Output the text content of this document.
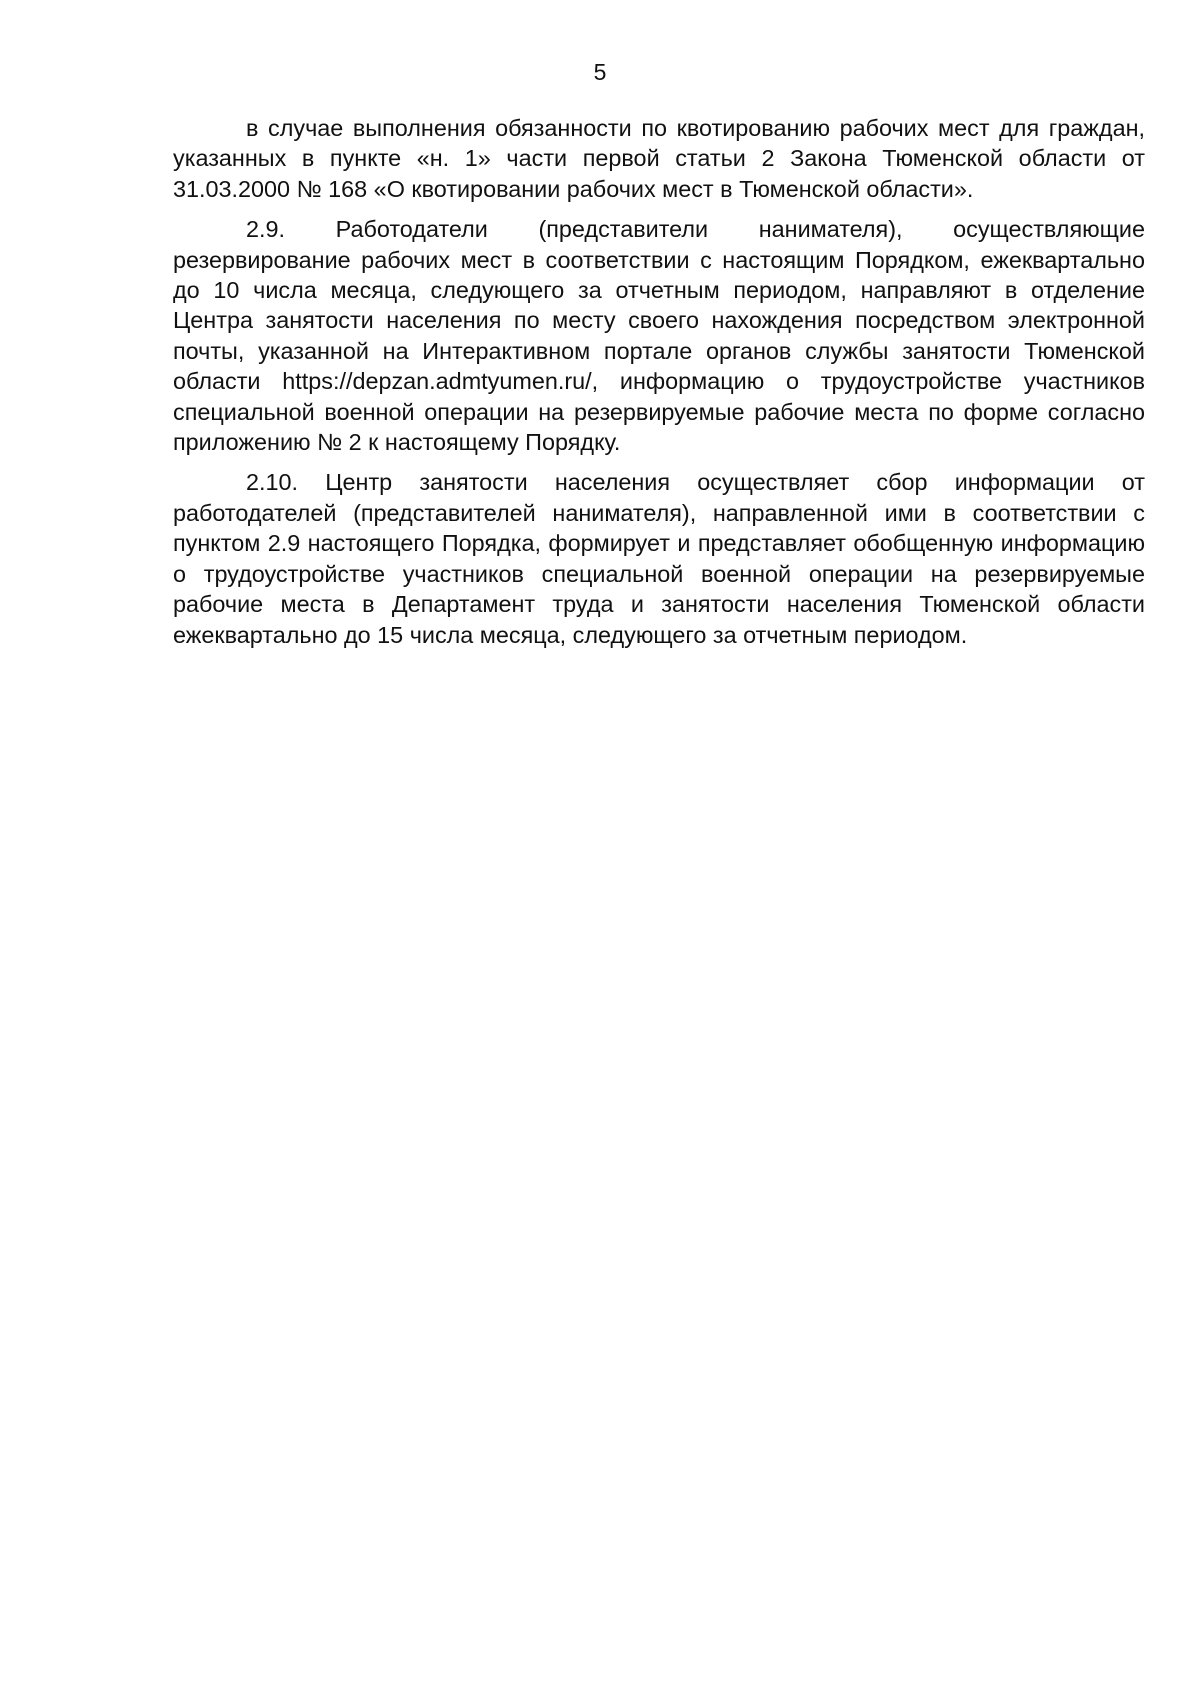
5

в случае выполнения обязанности по квотированию рабочих мест для граждан, указанных в пункте «н. 1» части первой статьи 2 Закона Тюменской области от 31.03.2000 № 168 «О квотировании рабочих мест в Тюменской области».

2.9. Работодатели (представители нанимателя), осуществляющие резервирование рабочих мест в соответствии с настоящим Порядком, ежеквартально до 10 числа месяца, следующего за отчетным периодом, направляют в отделение Центра занятости населения по месту своего нахождения посредством электронной почты, указанной на Интерактивном портале органов службы занятости Тюменской области https://depzan.admtyumen.ru/, информацию о трудоустройстве участников специальной военной операции на резервируемые рабочие места по форме согласно приложению № 2 к настоящему Порядку.

2.10. Центр занятости населения осуществляет сбор информации от работодателей (представителей нанимателя), направленной ими в соответствии с пунктом 2.9 настоящего Порядка, формирует и представляет обобщенную информацию о трудоустройстве участников специальной военной операции на резервируемые рабочие места в Департамент труда и занятости населения Тюменской области ежеквартально до 15 числа месяца, следующего за отчетным периодом.
